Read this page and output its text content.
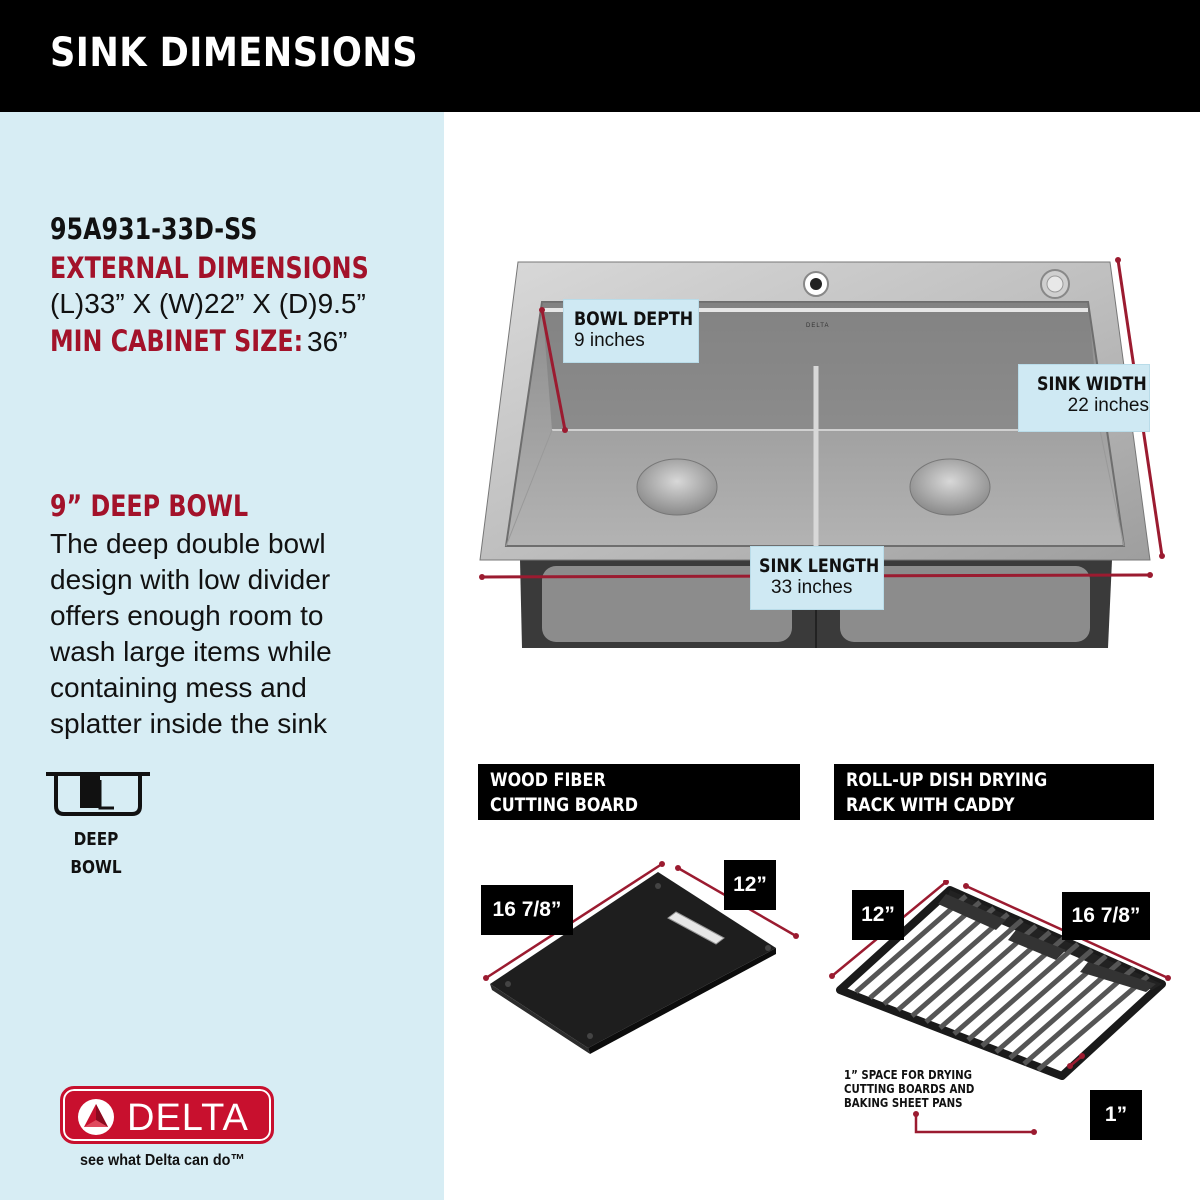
SINK DIMENSIONS
95A931-33D-SS
EXTERNAL DIMENSIONS
(L)33” X (W)22” X (D)9.5”
MIN CABINET SIZE: 36”
9” DEEP BOWL
The deep double bowl
design with low divider
offers enough room to
wash large items while
containing mess and
splatter inside the sink
DEEP
BOWL
DELTA
see what Delta can do™
DELTA
BOWL DEPTH
9 inches
SINK WIDTH
22 inches
SINK LENGTH
33 inches
WOOD FIBER
CUTTING BOARD
ROLL-UP DISH DRYING
RACK WITH CADDY
16 7/8”
12”
12”	16 7/8”
1”
1” SPACE FOR DRYING
CUTTING BOARDS AND
BAKING SHEET PANS
